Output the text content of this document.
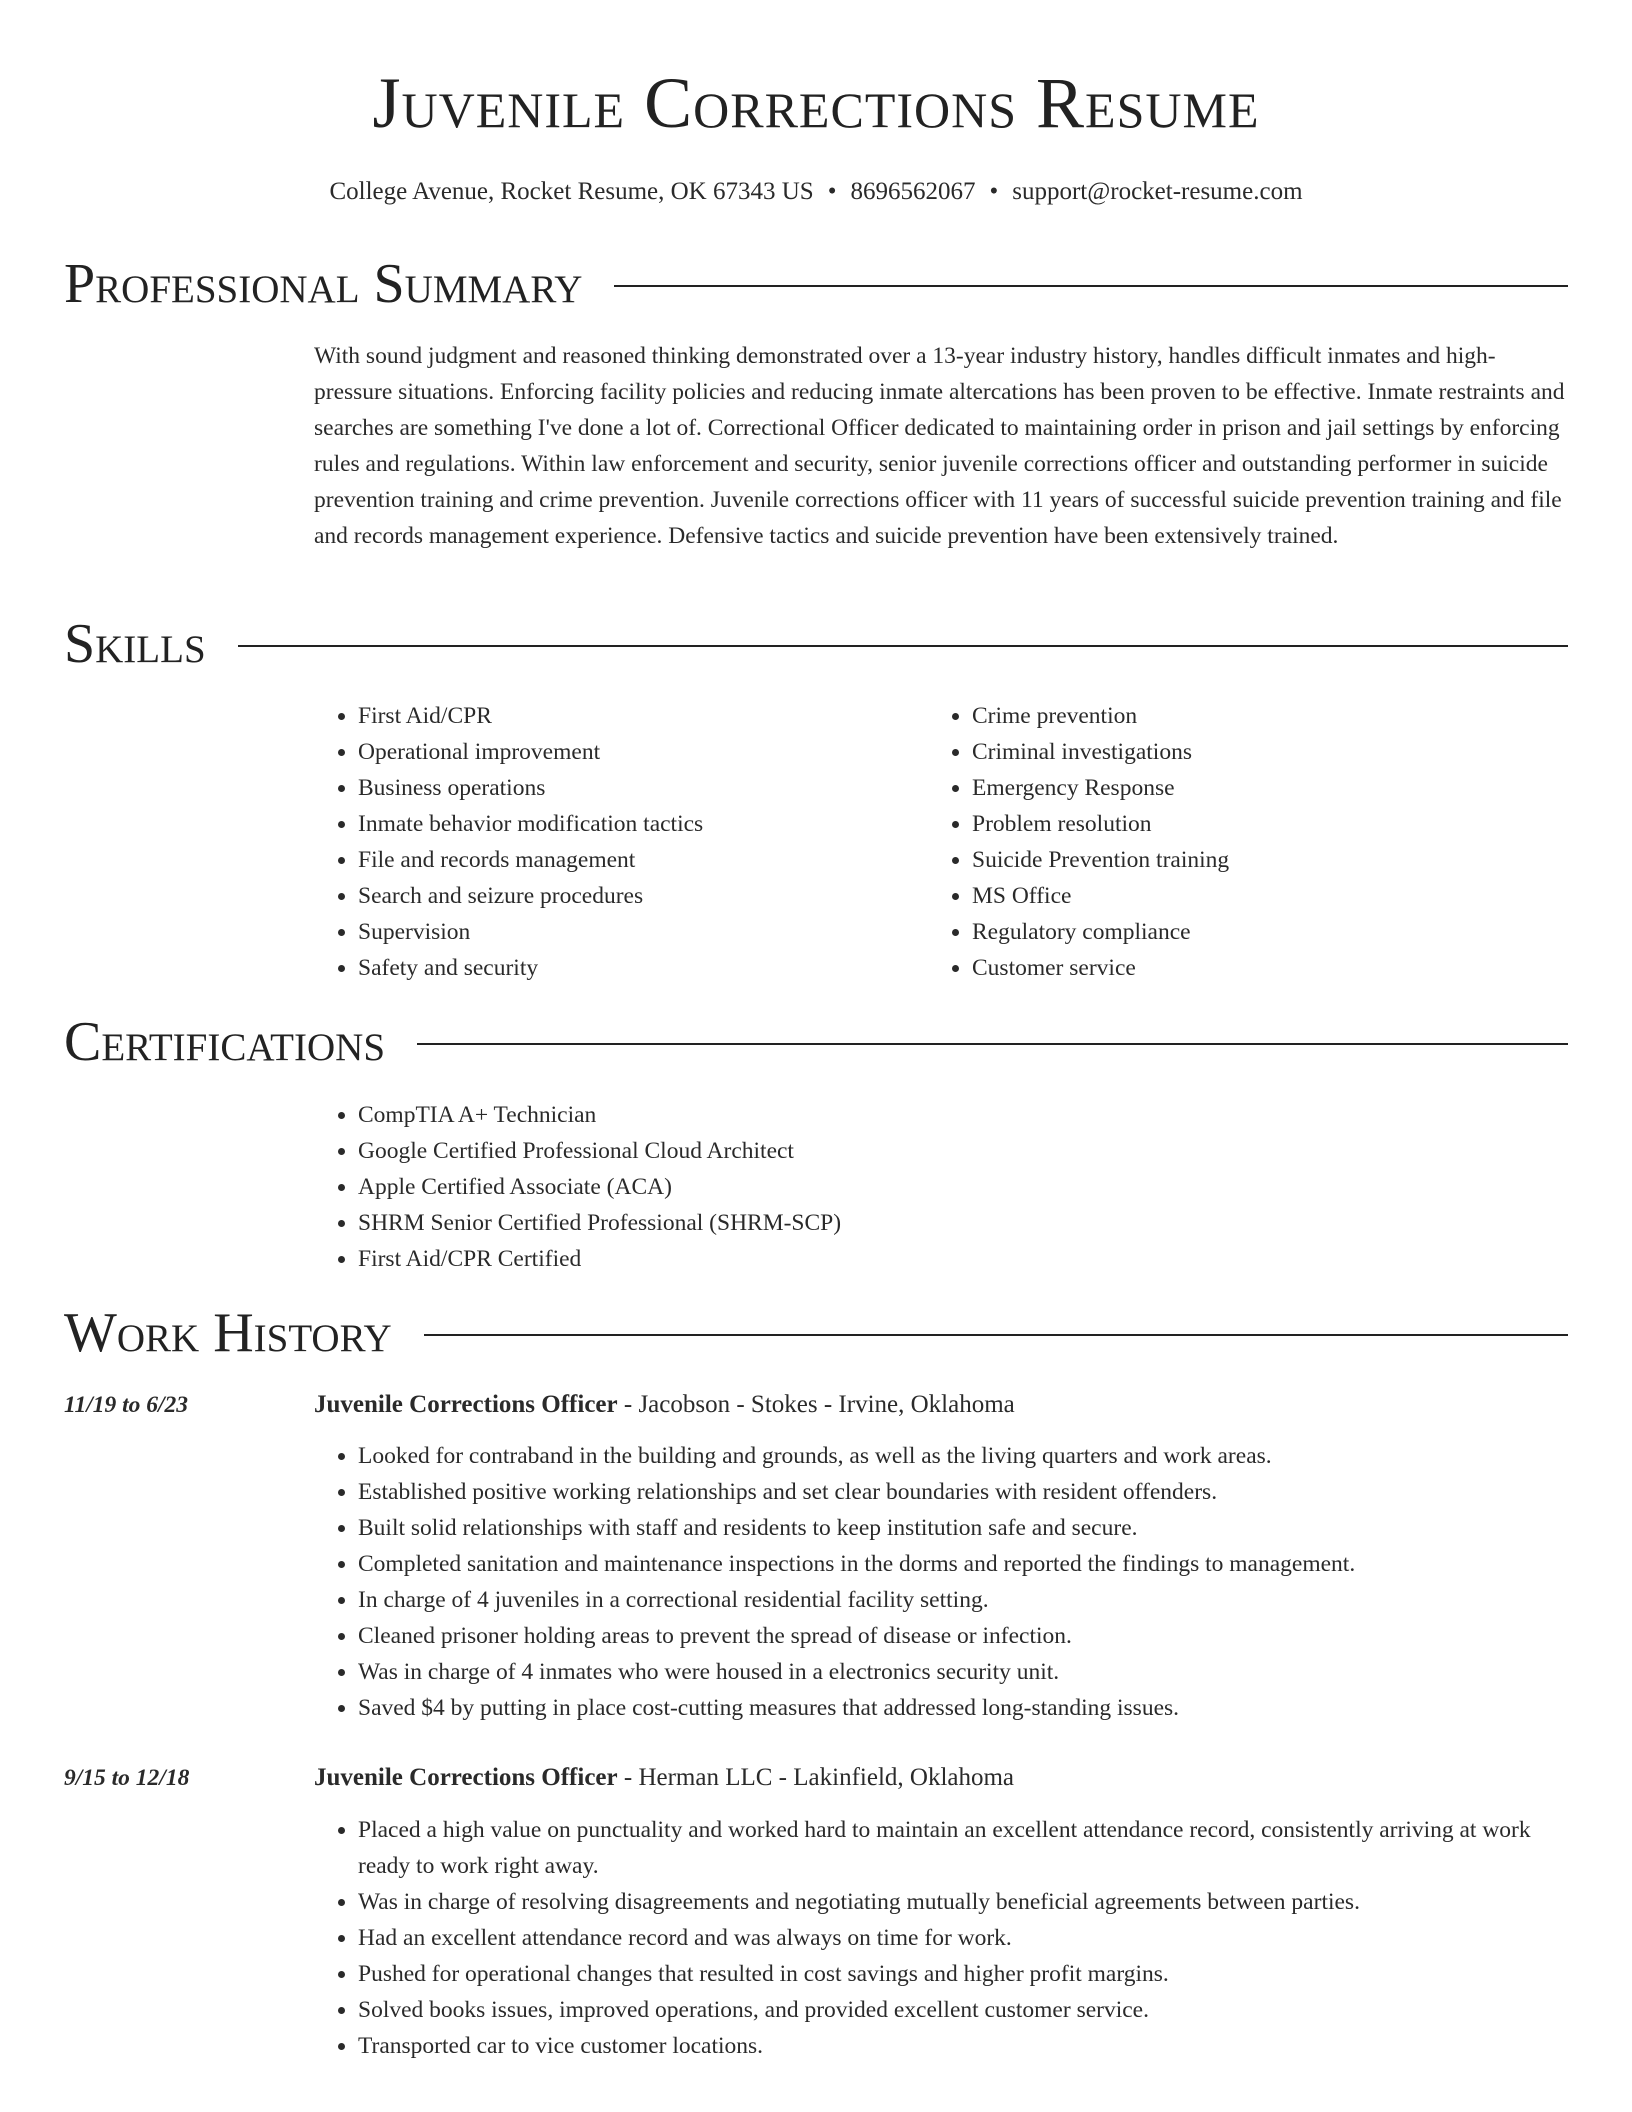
Juvenile Corrections Resume
College Avenue, Rocket Resume, OK 67343 US • 8696562067 • support@rocket-resume.com
Professional Summary

With sound judgment and reasoned thinking demonstrated over a 13-year industry history, handles difficult inmates and high-pressure situations. Enforcing facility policies and reducing inmate altercations has been proven to be effective. Inmate restraints and searches are something I've done a lot of. Correctional Officer dedicated to maintaining order in prison and jail settings by enforcing rules and regulations. Within law enforcement and security, senior juvenile corrections officer and outstanding performer in suicide prevention training and crime prevention. Juvenile corrections officer with 11 years of successful suicide prevention training and file and records management experience. Defensive tactics and suicide prevention have been extensively trained.

Skills
• First Aid/CPR
• Operational improvement
• Business operations
• Inmate behavior modification tactics
• File and records management
• Search and seizure procedures
• Supervision
• Safety and security
• Crime prevention
• Criminal investigations
• Emergency Response
• Problem resolution
• Suicide Prevention training
• MS Office
• Regulatory compliance
• Customer service
Certifications
• CompTIA A+ Technician
• Google Certified Professional Cloud Architect
• Apple Certified Associate (ACA)
• SHRM Senior Certified Professional (SHRM-SCP)
• First Aid/CPR Certified
Work History
11/19 to 6/23	Juvenile Corrections Officer - Jacobson - Stokes - Irvine, Oklahoma
• Looked for contraband in the building and grounds, as well as the living quarters and work areas.
• Established positive working relationships and set clear boundaries with resident offenders.
• Built solid relationships with staff and residents to keep institution safe and secure.
• Completed sanitation and maintenance inspections in the dorms and reported the findings to management.
• In charge of 4 juveniles in a correctional residential facility setting.
• Cleaned prisoner holding areas to prevent the spread of disease or infection.
• Was in charge of 4 inmates who were housed in a electronics security unit.
• Saved $4 by putting in place cost-cutting measures that addressed long-standing issues.
9/15 to 12/18	Juvenile Corrections Officer - Herman LLC - Lakinfield, Oklahoma
• Placed a high value on punctuality and worked hard to maintain an excellent attendance record, consistently arriving at work ready to work right away.
• Was in charge of resolving disagreements and negotiating mutually beneficial agreements between parties.
• Had an excellent attendance record and was always on time for work.
• Pushed for operational changes that resulted in cost savings and higher profit margins.
• Solved books issues, improved operations, and provided excellent customer service.
• Transported car to vice customer locations.
